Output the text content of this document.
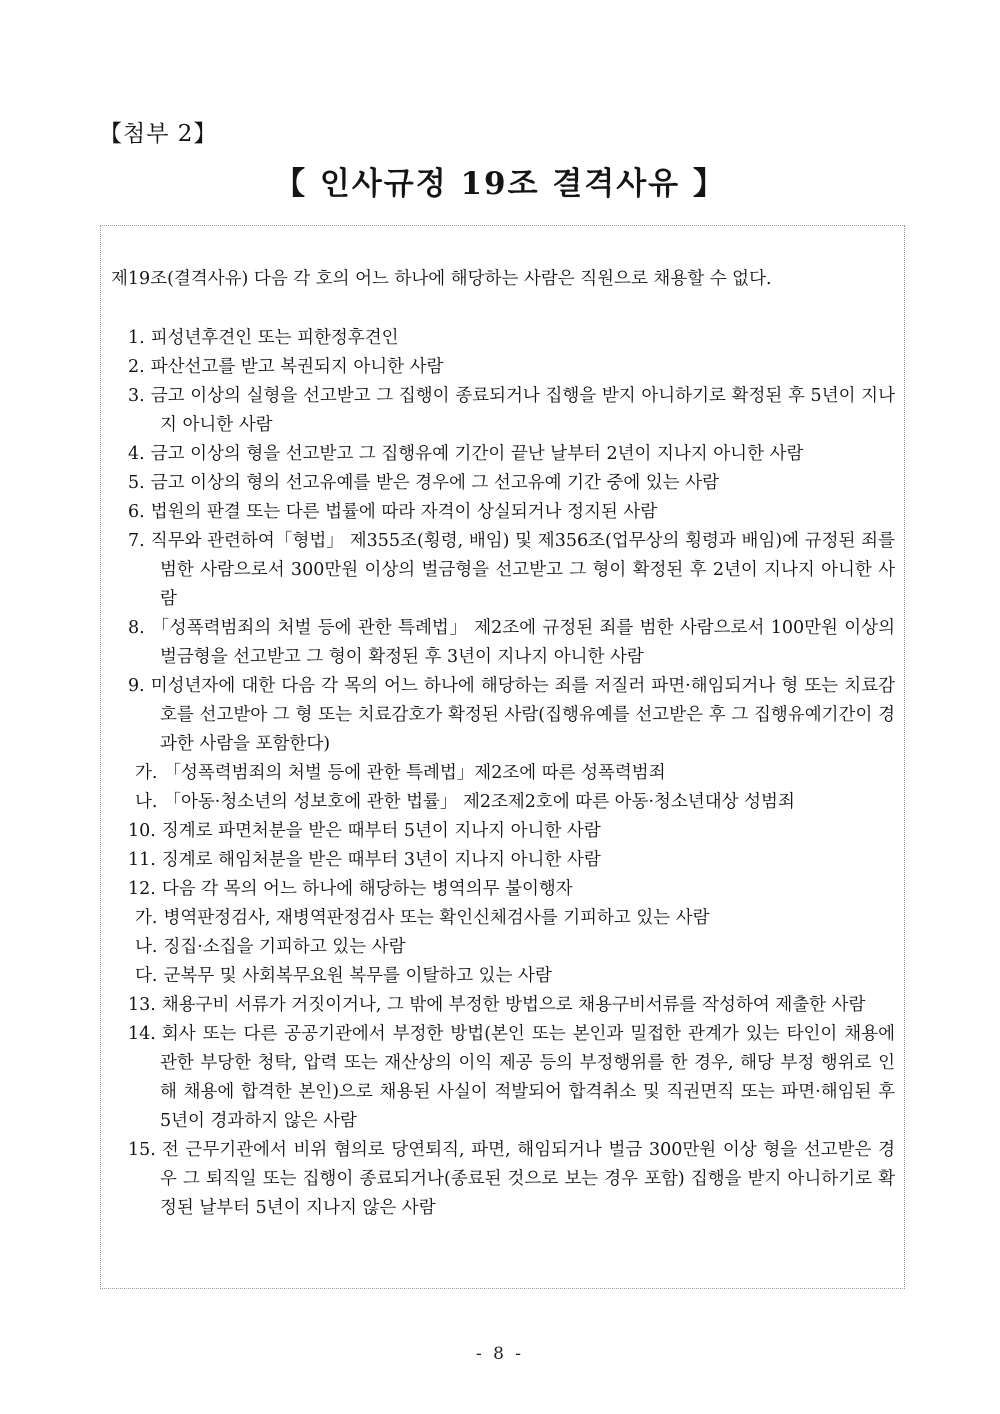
【첨부 2】
【 인사규정 19조 결격사유 】

제19조(결격사유) 다음 각 호의 어느 하나에 해당하는 사람은 직원으로 채용할 수 없다.

1. 피성년후견인 또는 피한정후견인

2. 파산선고를 받고 복권되지 아니한 사람

3. 금고 이상의 실형을 선고받고 그 집행이 종료되거나 집행을 받지 아니하기로 확정된 후 5년이 지나지 아니한 사람

4. 금고 이상의 형을 선고받고 그 집행유예 기간이 끝난 날부터 2년이 지나지 아니한 사람

5. 금고 이상의 형의 선고유예를 받은 경우에 그 선고유예 기간 중에 있는 사람

6. 법원의 판결 또는 다른 법률에 따라 자격이 상실되거나 정지된 사람

7. 직무와 관련하여「형법」 제355조(횡령, 배임) 및 제356조(업무상의 횡령과 배임)에 규정된 죄를 범한 사람으로서 300만원 이상의 벌금형을 선고받고 그 형이 확정된 후 2년이 지나지 아니한 사람

8. 「성폭력범죄의 처벌 등에 관한 특례법」 제2조에 규정된 죄를 범한 사람으로서 100만원 이상의 벌금형을 선고받고 그 형이 확정된 후 3년이 지나지 아니한 사람

9. 미성년자에 대한 다음 각 목의 어느 하나에 해당하는 죄를 저질러 파면·해임되거나 형 또는 치료감호를 선고받아 그 형 또는 치료감호가 확정된 사람(집행유예를 선고받은 후 그 집행유예기간이 경과한 사람을 포함한다)

가. 「성폭력범죄의 처벌 등에 관한 특례법」제2조에 따른 성폭력범죄

나. 「아동·청소년의 성보호에 관한 법률」 제2조제2호에 따른 아동·청소년대상 성범죄

10. 징계로 파면처분을 받은 때부터 5년이 지나지 아니한 사람

11. 징계로 해임처분을 받은 때부터 3년이 지나지 아니한 사람

12. 다음 각 목의 어느 하나에 해당하는 병역의무 불이행자

가. 병역판정검사, 재병역판정검사 또는 확인신체검사를 기피하고 있는 사람

나. 징집·소집을 기피하고 있는 사람

다. 군복무 및 사회복무요원 복무를 이탈하고 있는 사람

13. 채용구비 서류가 거짓이거나, 그 밖에 부정한 방법으로 채용구비서류를 작성하여 제출한 사람

14. 회사 또는 다른 공공기관에서 부정한 방법(본인 또는 본인과 밀접한 관계가 있는 타인이 채용에 관한 부당한 청탁, 압력 또는 재산상의 이익 제공 등의 부정행위를 한 경우, 해당 부정 행위로 인해 채용에 합격한 본인)으로 채용된 사실이 적발되어 합격취소 및 직권면직 또는 파면·해임된 후 5년이 경과하지 않은 사람

15. 전 근무기관에서 비위 혐의로 당연퇴직, 파면, 해임되거나 벌금 300만원 이상 형을 선고받은 경우 그 퇴직일 또는 집행이 종료되거나(종료된 것으로 보는 경우 포함) 집행을 받지 아니하기로 확정된 날부터 5년이 지나지 않은 사람

- 8 -
